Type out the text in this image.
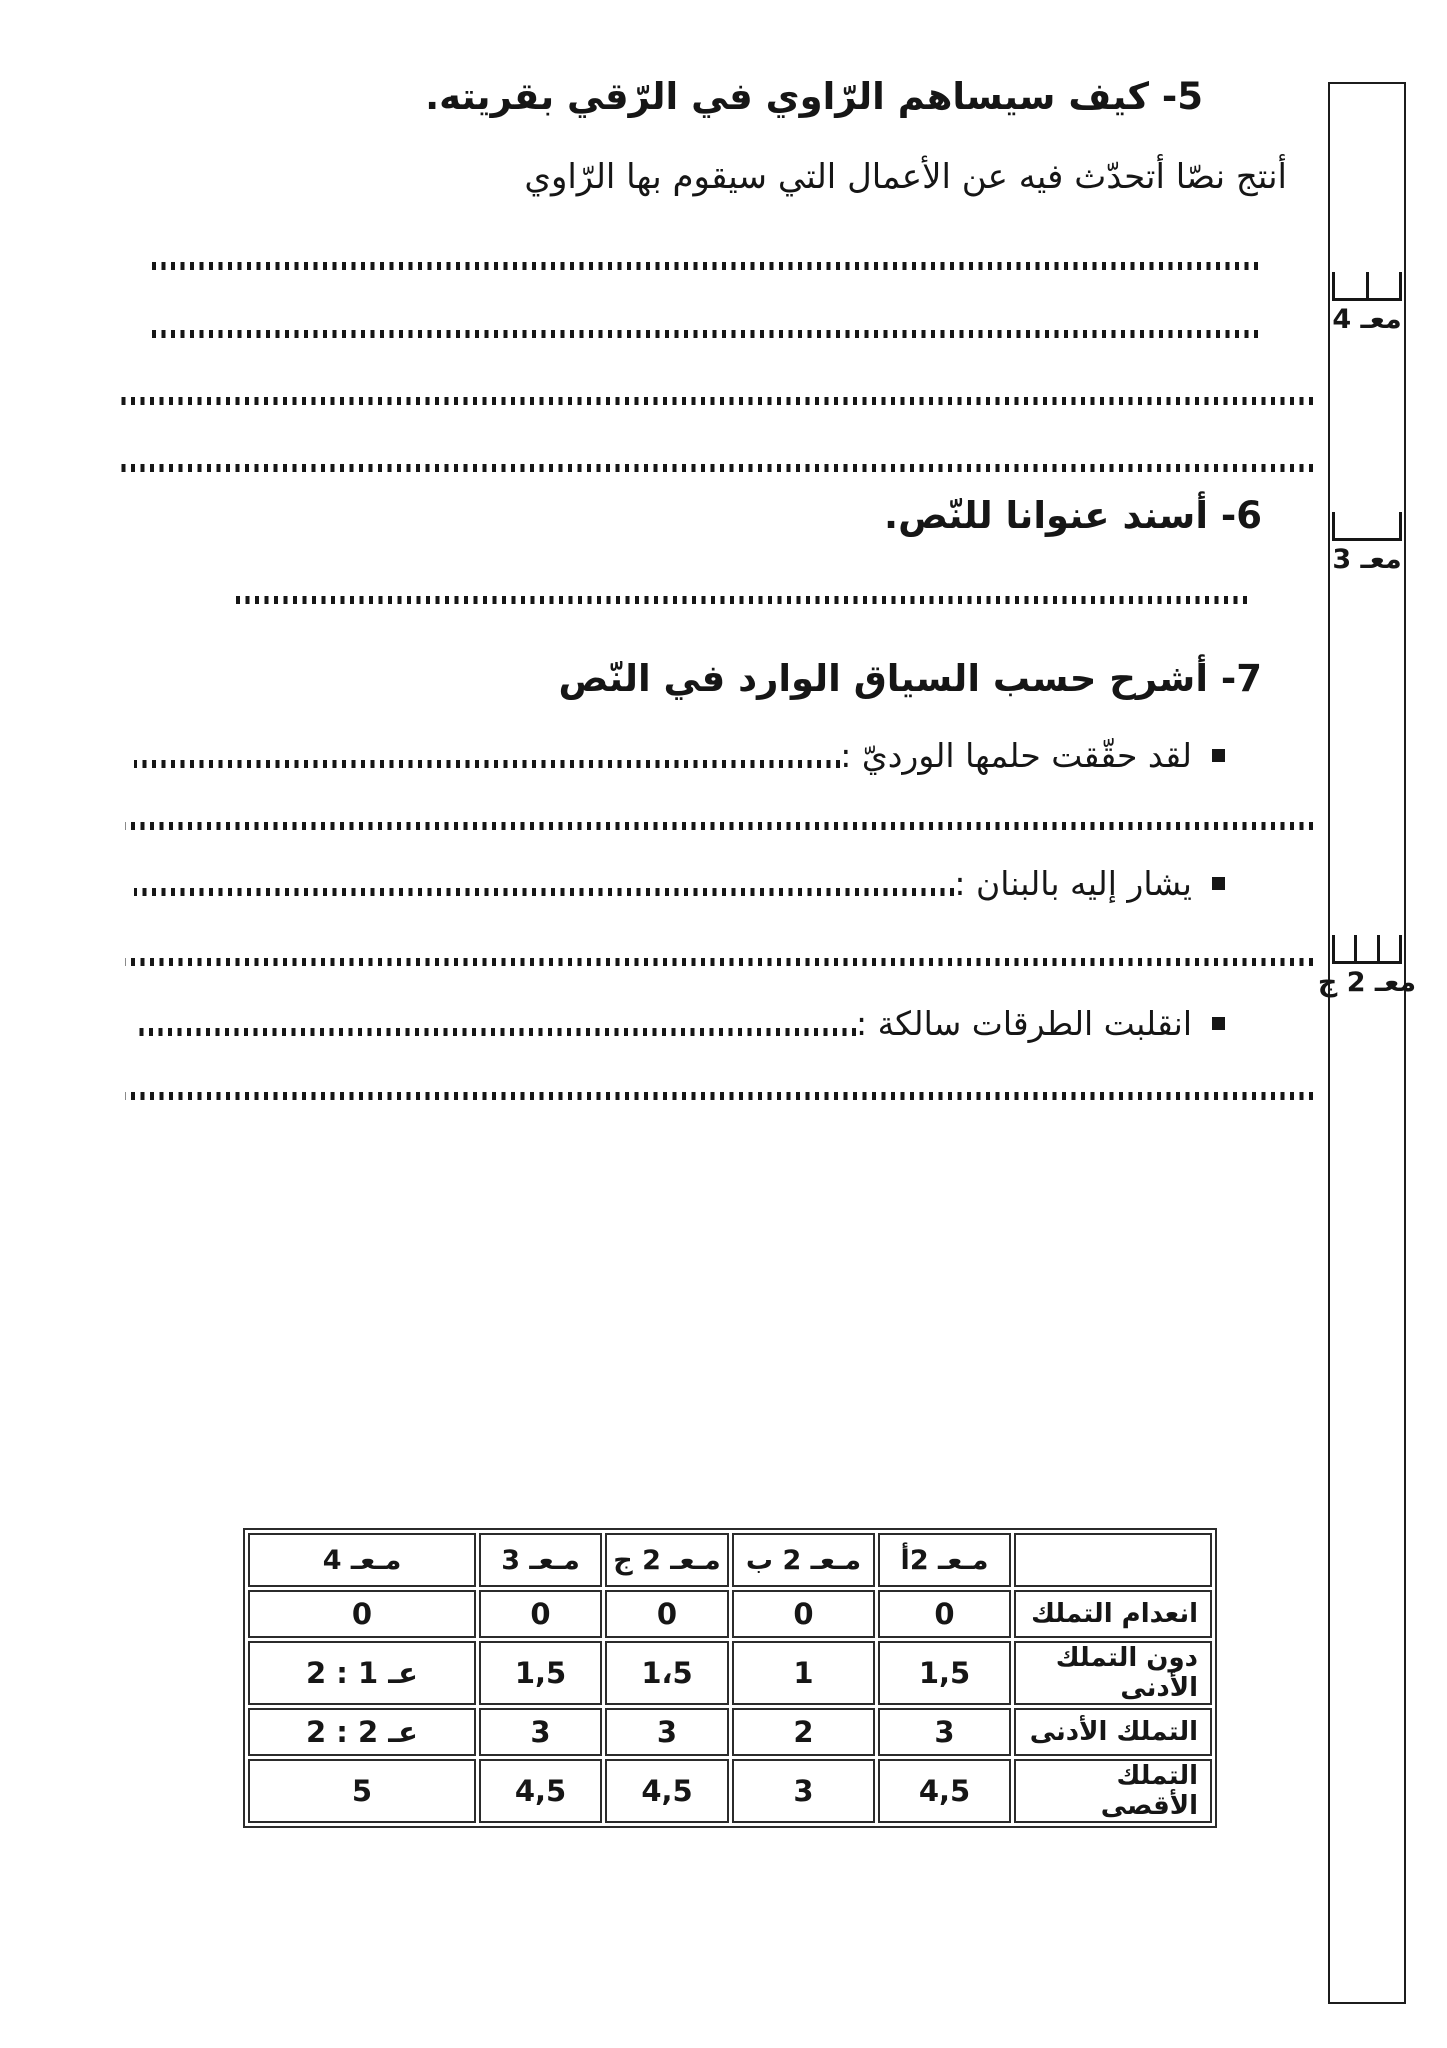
5- كيف سيساهم الرّاوي في الرّقي بقريته.

أنتج نصّا أتحدّث فيه عن الأعمال التي سيقوم بها الرّاوي

6- أسند عنوانا للنّص.
7- أشرح حسب السياق الوارد في النّص
لقد حقّقت حلمها الورديّ :
يشار إليه بالبنان :
انقلبت الطرقات سالكة :
	مـعـ 2أ	مـعـ 2 ب	مـعـ 2 ج	مـعـ 3	مـعـ 4
انعدام التملك	0	0	0	0	0
دون التملك الأدنى	1,5	1	1،5	1,5	عـ 1 : 2
التملك الأدنى	3	2	3	3	عـ 2 : 2
التملك الأقصى	4,5	3	4,5	4,5	5
معـ 4
معـ 3
معـ 2 ج
